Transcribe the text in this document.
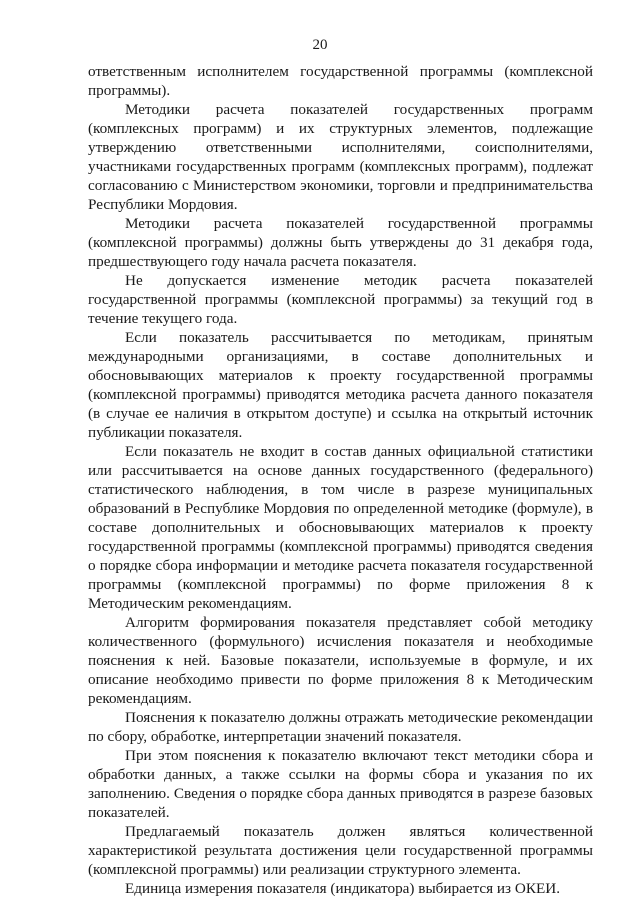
20

ответственным исполнителем государственной программы (комплексной программы).

Методики расчета показателей государственных программ (комплексных программ) и их структурных элементов, подлежащие утверждению ответственными исполнителями, соисполнителями, участниками государственных программ (комплексных программ), подлежат согласованию с Министерством экономики, торговли и предпринимательства Республики Мордовия.

Методики расчета показателей государственной программы (комплексной программы) должны быть утверждены до 31 декабря года, предшествующего году начала расчета показателя.

Не допускается изменение методик расчета показателей государственной программы (комплексной программы) за текущий год в течение текущего года.

Если показатель рассчитывается по методикам, принятым международными организациями, в составе дополнительных и обосновывающих материалов к проекту государственной программы (комплексной программы) приводятся методика расчета данного показателя (в случае ее наличия в открытом доступе) и ссылка на открытый источник публикации показателя.

Если показатель не входит в состав данных официальной статистики или рассчитывается на основе данных государственного (федерального) статистического наблюдения, в том числе в разрезе муниципальных образований в Республике Мордовия по определенной методике (формуле), в составе дополнительных и обосновывающих материалов к проекту государственной программы (комплексной программы) приводятся сведения о порядке сбора информации и методике расчета показателя государственной программы (комплексной программы) по форме приложения 8 к Методическим рекомендациям.

Алгоритм формирования показателя представляет собой методику количественного (формульного) исчисления показателя и необходимые пояснения к ней. Базовые показатели, используемые в формуле, и их описание необходимо привести по форме приложения 8 к Методическим рекомендациям.

Пояснения к показателю должны отражать методические рекомендации по сбору, обработке, интерпретации значений показателя.

При этом пояснения к показателю включают текст методики сбора и обработки данных, а также ссылки на формы сбора и указания по их заполнению. Сведения о порядке сбора данных приводятся в разрезе базовых показателей.

Предлагаемый показатель должен являться количественной характеристикой результата достижения цели государственной программы (комплексной программы) или реализации структурного элемента.

Единица измерения показателя (индикатора) выбирается из ОКЕИ.
